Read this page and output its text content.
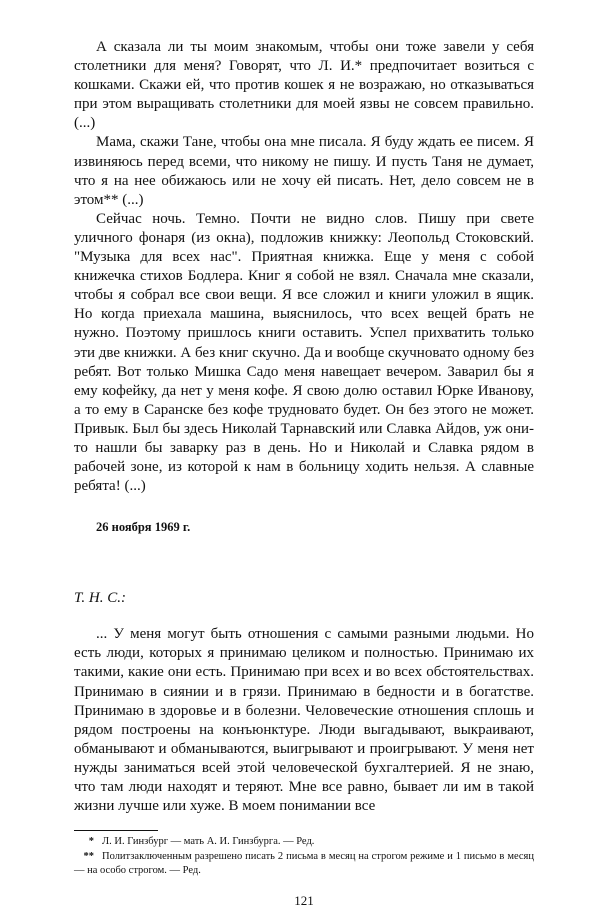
А сказала ли ты моим знакомым, чтобы они тоже завели у себя столетники для меня? Говорят, что Л. И.* предпочитает возиться с кошками. Скажи ей, что против кошек я не возражаю, но отказываться при этом выращивать столетники для моей язвы не совсем правильно. (...)

Мама, скажи Тане, чтобы она мне писала. Я буду ждать ее писем. Я извиняюсь перед всеми, что никому не пишу. И пусть Таня не думает, что я на нее обижаюсь или не хочу ей писать. Нет, дело совсем не в этом** (...)

Сейчас ночь. Темно. Почти не видно слов. Пишу при свете уличного фонаря (из окна), подложив книжку: Леопольд Стоковский. "Музыка для всех нас". Приятная книжка. Еще у меня с собой книжечка стихов Бодлера. Книг я собой не взял. Сначала мне сказали, чтобы я собрал все свои вещи. Я все сложил и книги уложил в ящик. Но когда приехала машина, выяснилось, что всех вещей брать не нужно. Поэтому пришлось книги оставить. Успел прихватить только эти две книжки. А без книг скучно. Да и вообще скучновато одному без ребят. Вот только Мишка Садо меня навещает вечером. Заварил бы я ему кофейку, да нет у меня кофе. Я свою долю оставил Юрке Иванову, а то ему в Саранске без кофе трудновато будет. Он без этого не может. Привык. Был бы здесь Николай Тарнавский или Славка Айдов, уж они-то нашли бы заварку раз в день. Но и Николай и Славка рядом в рабочей зоне, из которой к нам в больницу ходить нельзя. А славные ребята! (...)

26 ноября 1969 г.
Т. Н. С.:

... У меня могут быть отношения с самыми разными людьми. Но есть люди, которых я принимаю целиком и полностью. Принимаю их такими, какие они есть. Принимаю при всех и во всех обстоятельствах. Принимаю в сиянии и в грязи. Принимаю в бедности и в богатстве. Принимаю в здоровье и в болезни. Человеческие отношения сплошь и рядом построены на конъюнктуре. Люди выгадывают, выкраивают, обманывают и обманываются, выигрывают и проигрывают. У меня нет нужды заниматься всей этой человеческой бухгалтерией. Я не знаю, что там люди находят и теряют. Мне все равно, бывает ли им в такой жизни лучше или хуже. В моем понимании все

* Л. И. Гинзбург — мать А. И. Гинзбурга. — Ред.

** Политзаключенным разрешено писать 2 письма в месяц на строгом режиме и 1 письмо в месяц — на особо строгом. — Ред.

121
